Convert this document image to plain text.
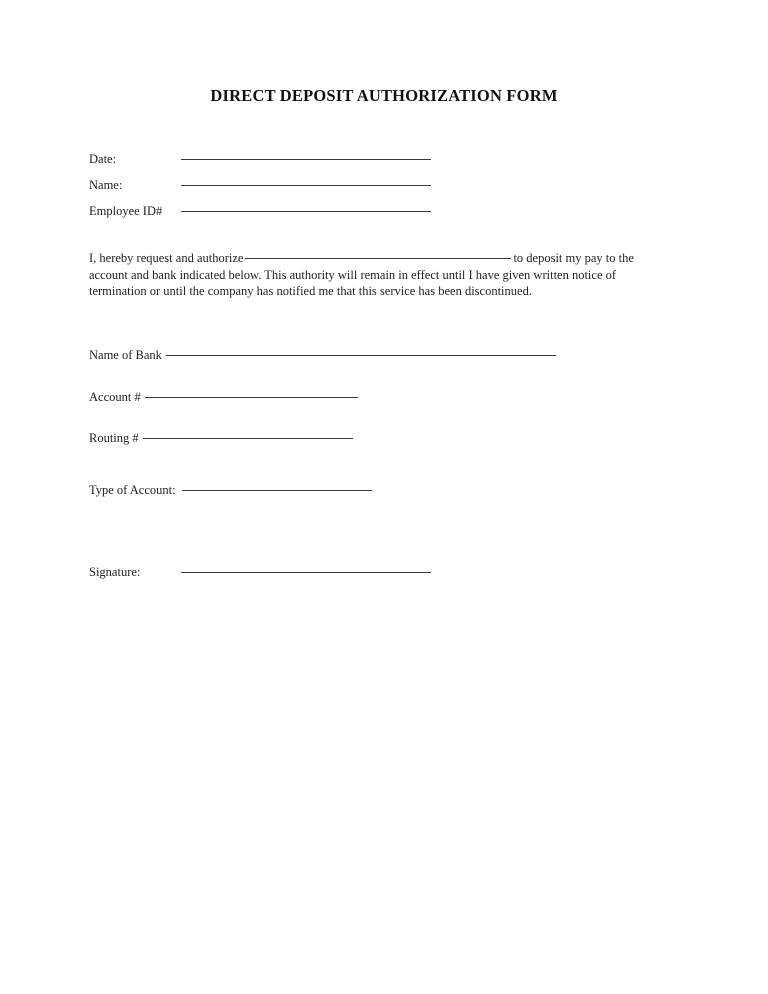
DIRECT DEPOSIT AUTHORIZATION FORM
Date:
Name:
Employee ID#
I, hereby request and authorize	to deposit my pay to the account and bank indicated below. This authority will remain in effect until I have given written notice of termination or until the company has notified me that this service has been discontinued.
Name of Bank
Account #
Routing #
Type of Account:
Signature:
